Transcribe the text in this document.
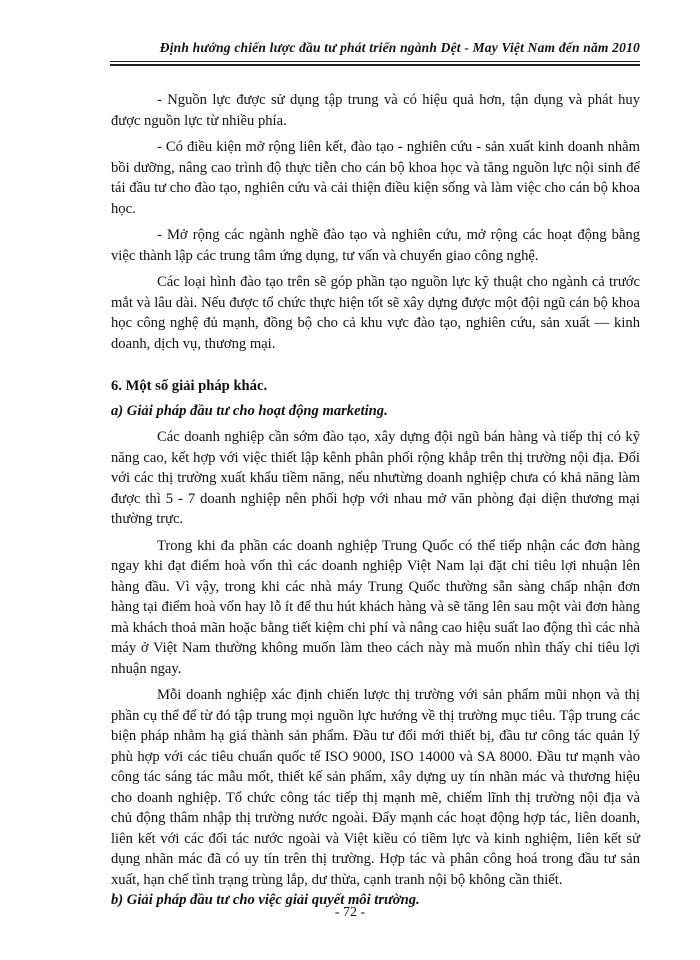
Định hướng chiến lược đầu tư phát triển ngành Dệt - May Việt Nam đến năm 2010

- Nguồn lực được sử dụng tập trung và có hiệu quả hơn, tận dụng và phát huy được nguồn lực từ nhiều phía.

- Có điều kiện mở rộng liên kết, đào tạo - nghiên cứu - sản xuất kinh doanh nhằm bồi dưỡng, nâng cao trình độ thực tiễn cho cán bộ khoa học và tăng nguồn lực nội sinh để tái đầu tư cho đào tạo, nghiên cứu và cải thiện điều kiện sống và làm việc cho cán bộ khoa học.

- Mở rộng các ngành nghề đào tạo và nghiên cứu, mở rộng các hoạt động bằng việc thành lập các trung tâm ứng dụng, tư vấn và chuyển giao công nghệ.

Các loại hình đào tạo trên sẽ góp phần tạo nguồn lực kỹ thuật cho ngành cả trước mắt và lâu dài. Nếu được tổ chức thực hiện tốt sẽ xây dựng được một đội ngũ cán bộ khoa học công nghệ đủ mạnh, đồng bộ cho cả khu vực đào tạo, nghiên cứu, sản xuất — kinh doanh, dịch vụ, thương mại.

6. Một số giải pháp khác.

a) Giải pháp đầu tư cho hoạt động marketing.

Các doanh nghiệp cần sớm đào tạo, xây dựng đội ngũ bán hàng và tiếp thị có kỹ năng cao, kết hợp với việc thiết lập kênh phân phối rộng khắp trên thị trường nội địa. Đối với các thị trường xuất khẩu tiềm năng, nếu nhưtừng doanh nghiệp chưa có khả năng làm được thì 5 - 7 doanh nghiệp nên phối hợp với nhau mở văn phòng đại diện thương mại thường trực.

Trong khi đa phần các doanh nghiệp Trung Quốc có thể tiếp nhận các đơn hàng ngay khi đạt điểm hoà vốn thì các doanh nghiệp Việt Nam lại đặt chỉ tiêu lợi nhuận lên hàng đầu. Vì vậy, trong khi các nhà máy Trung Quốc thường sẵn sàng chấp nhận đơn hàng tại điểm hoà vốn hay lỗ ít để thu hút khách hàng và sẽ tăng lên sau một vài đơn hàng mà khách thoả mãn hoặc bằng tiết kiệm chi phí và nâng cao hiệu suất lao động thì các nhà máy ở Việt Nam thường không muốn làm theo cách này mà muốn nhìn thấy chỉ tiêu lợi nhuận ngay.

Mỗi doanh nghiệp xác định chiến lược thị trường với sản phẩm mũi nhọn và thị phần cụ thể để từ đó tập trung mọi nguồn lực hướng về thị trường mục tiêu. Tập trung các biện pháp nhằm hạ giá thành sản phẩm. Đầu tư đổi mới thiết bị, đầu tư công tác quản lý phù hợp với các tiêu chuẩn quốc tế ISO 9000, ISO 14000 và SA 8000. Đầu tư mạnh vào công tác sáng tác mẫu mốt, thiết kế sản phẩm, xây dựng uy tín nhãn mác và thương hiệu cho doanh nghiệp. Tổ chức công tác tiếp thị mạnh mẽ, chiếm lĩnh thị trường nội địa và chủ động thâm nhập thị trường nước ngoài. Đẩy mạnh các hoạt động hợp tác, liên doanh, liên kết với các đối tác nước ngoài và Việt kiều có tiềm lực và kinh nghiệm, liên kết sử dụng nhãn mác đã có uy tín trên thị trường. Hợp tác và phân công hoá trong đầu tư sản xuất, hạn chế tình trạng trùng lắp, dư thừa, cạnh tranh nội bộ không cần thiết.

b) Giải pháp đầu tư cho việc giải quyết môi trường.

- 72 -
